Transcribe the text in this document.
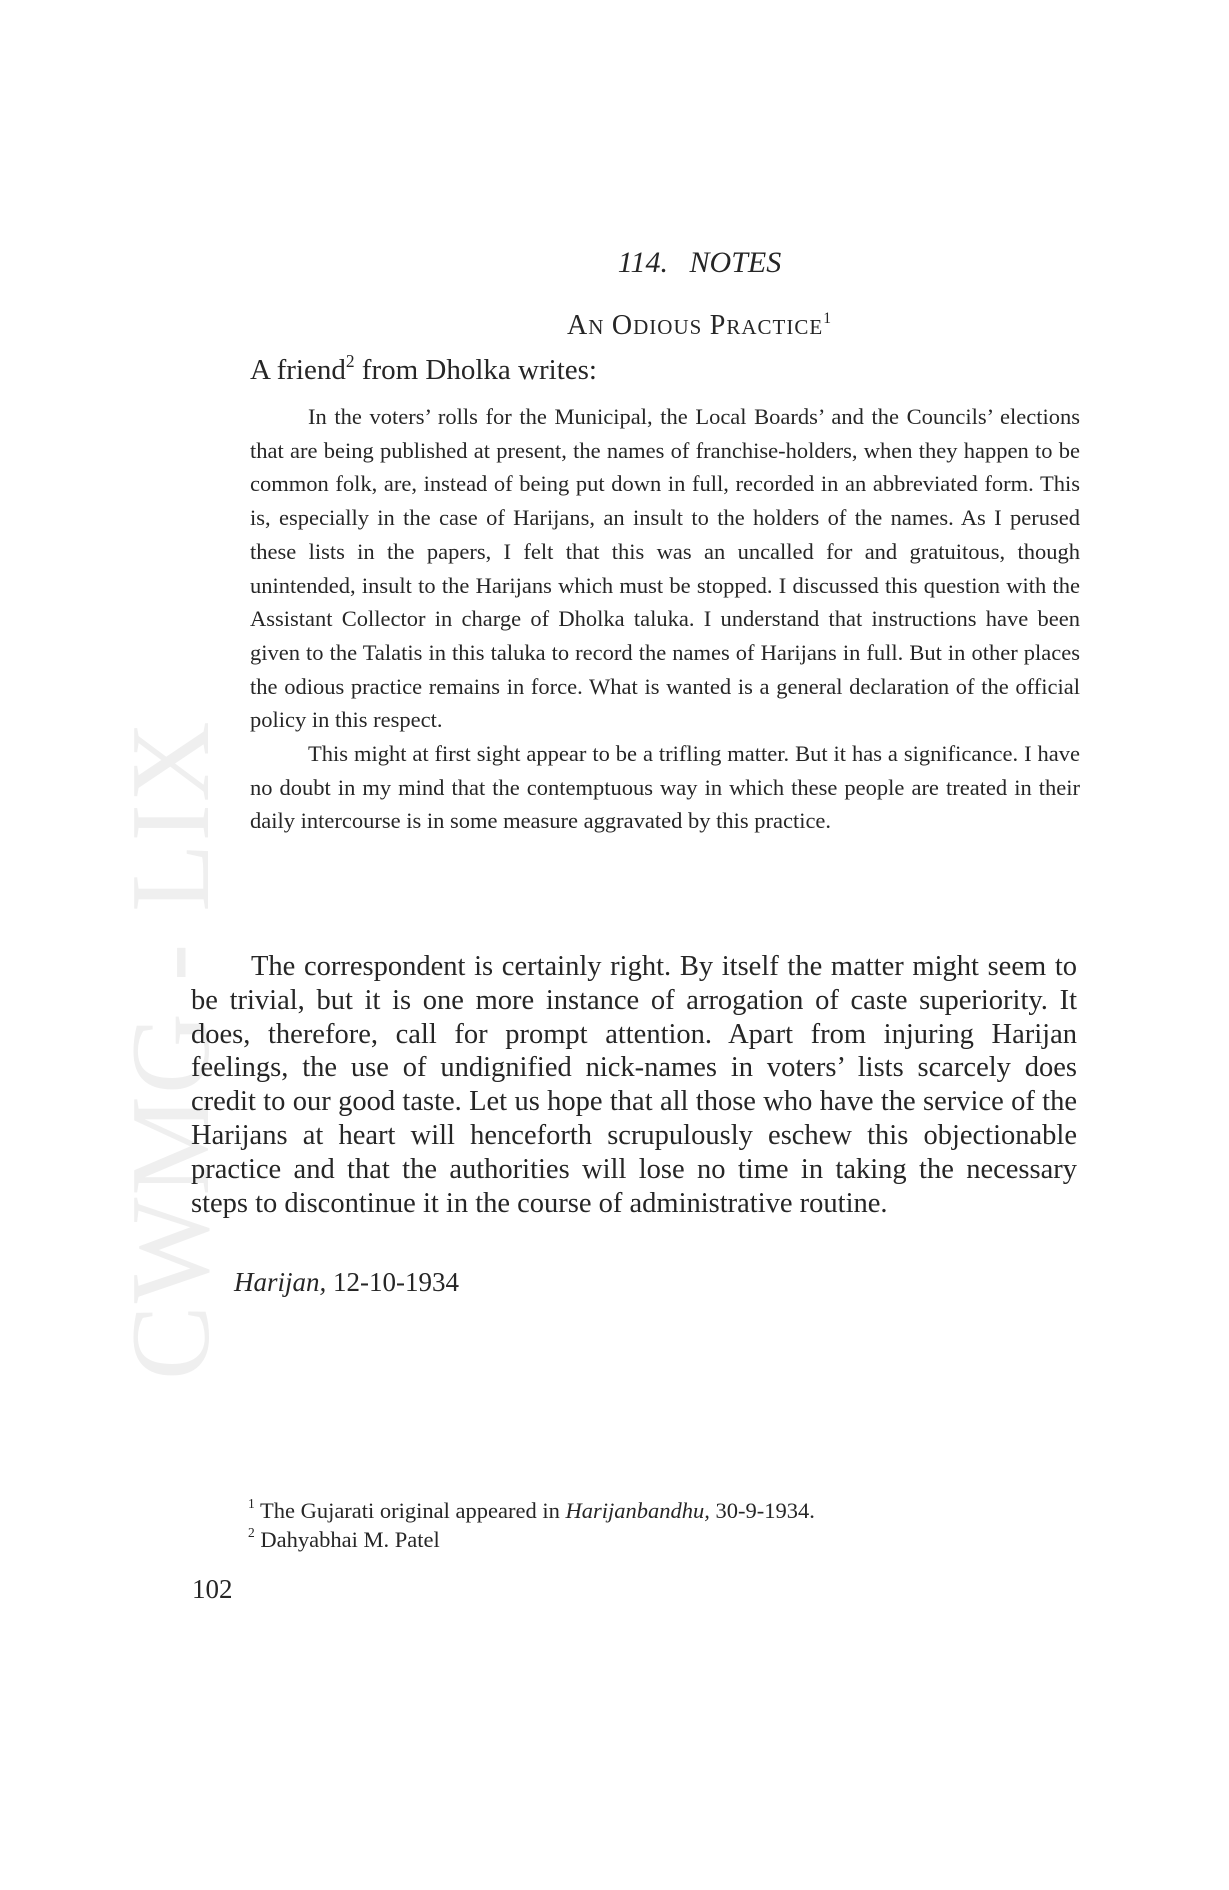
CWMG - LIX
114. NOTES
AN ODIOUS PRACTICE$^1$
A friend$^2$ from Dholka writes:

In the voters’ rolls for the Municipal, the Local Boards’ and the Councils’ elections that are being published at present, the names of franchise-holders, when they happen to be common folk, are, instead of being put down in full, recorded in an abbreviated form. This is, especially in the case of Harijans, an insult to the holders of the names. As I perused these lists in the papers, I felt that this was an uncalled for and gratuitous, though unintended, insult to the Harijans which must be stopped. I discussed this question with the Assistant Collector in charge of Dholka taluka. I understand that instructions have been given to the Talatis in this taluka to record the names of Harijans in full. But in other places the odious practice remains in force. What is wanted is a general declaration of the official policy in this respect.

This might at first sight appear to be a trifling matter. But it has a significance. I have no doubt in my mind that the contemptuous way in which these people are treated in their daily intercourse is in some measure aggravated by this practice.

The correspondent is certainly right. By itself the matter might seem to be trivial, but it is one more instance of arrogation of caste superiority. It does, therefore, call for prompt attention. Apart from injuring Harijan feelings, the use of undignified nick-names in voters’ lists scarcely does credit to our good taste. Let us hope that all those who have the service of the Harijans at heart will henceforth scrupulously eschew this objectionable practice and that the authorities will lose no time in taking the necessary steps to discontinue it in the course of administrative routine.

Harijan, 12-10-1934
$^1$ The Gujarati original appeared in Harijanbandhu, 30-9-1934.
$^2$ Dahyabhai M. Patel
102
